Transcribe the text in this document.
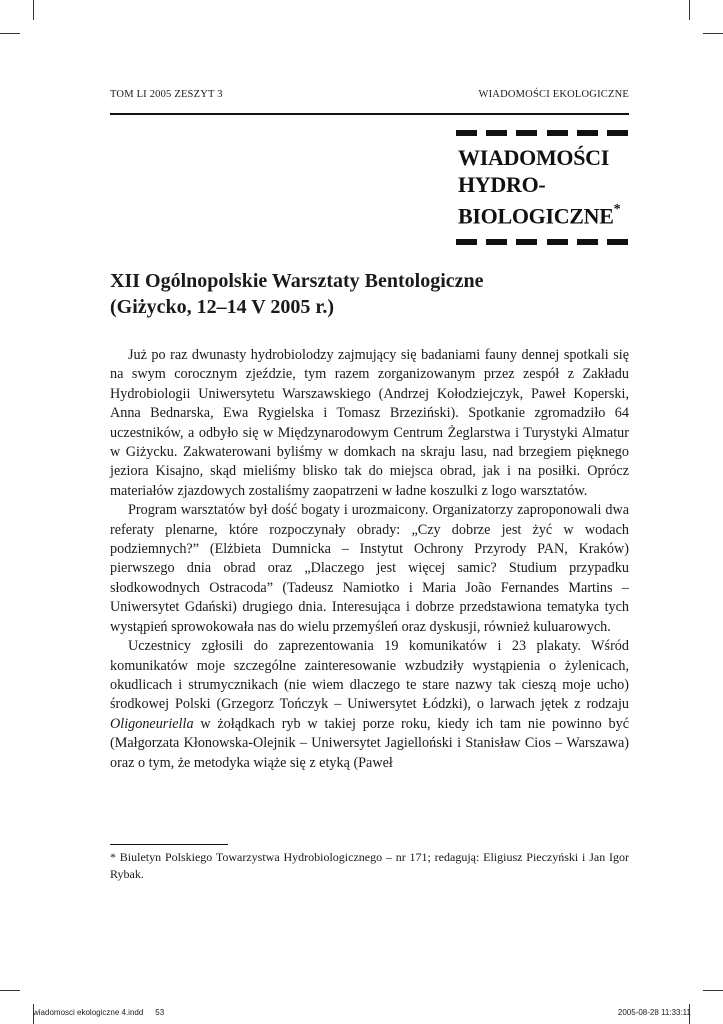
TOM LI 2005 ZESZYT 3	WIADOMOŚCI EKOLOGICZNE
WIADOMOŚCI
HYDRO-
BIOLOGICZNE*
XII Ogólnopolskie Warsztaty Bentologiczne
(Giżycko, 12–14 V 2005 r.)

Już po raz dwunasty hydrobiolodzy zajmujący się badaniami fauny dennej spotkali się na swym corocznym zjeździe, tym razem zorganizowanym przez zespół z Zakładu Hydrobiologii Uniwersytetu Warszawskiego (Andrzej Kołodziejczyk, Paweł Koperski, Anna Bednarska, Ewa Rygielska i Tomasz Brzeziński). Spotkanie zgromadziło 64 uczestników, a odbyło się w Międzynarodowym Centrum Żeglarstwa i Turystyki Almatur w Giżycku. Zakwaterowani byliśmy w domkach na skraju lasu, nad brzegiem pięknego jeziora Kisajno, skąd mieliśmy blisko tak do miejsca obrad, jak i na posiłki. Oprócz materiałów zjazdowych zostaliśmy zaopatrzeni w ładne koszulki z logo warsztatów.

Program warsztatów był dość bogaty i urozmaicony. Organizatorzy zaproponowali dwa referaty plenarne, które rozpoczynały obrady: „Czy dobrze jest żyć w wodach podziemnych?” (Elżbieta Dumnicka – Instytut Ochrony Przyrody PAN, Kraków) pierwszego dnia obrad oraz „Dlaczego jest więcej samic? Studium przypadku słodkowodnych Ostracoda” (Tadeusz Namiotko i Maria João Fernandes Martins – Uniwersytet Gdański) drugiego dnia. Interesująca i dobrze przedstawiona tematyka tych wystąpień sprowokowała nas do wielu przemyśleń oraz dyskusji, również kuluarowych.

Uczestnicy zgłosili do zaprezentowania 19 komunikatów i 23 plakaty. Wśród komunikatów moje szczególne zainteresowanie wzbudziły wystąpienia o żylenicach, okudlicach i strumycznikach (nie wiem dlaczego te stare nazwy tak cieszą moje ucho) środkowej Polski (Grzegorz Tończyk – Uniwersytet Łódzki), o larwach jętek z rodzaju Oligoneuriella w żołądkach ryb w takiej porze roku, kiedy ich tam nie powinno być (Małgorzata Kłonowska-Olejnik – Uniwersytet Jagielloński i Stanisław Cios – Warszawa) oraz o tym, że metodyka wiąże się z etyką (Paweł

* Biuletyn Polskiego Towarzystwa Hydrobiologicznego – nr 171; redagują: Eligiusz Pieczyński i Jan Igor Rybak.
wiadomosci ekologiczne 4.indd 53	2005-08-28 11:33:11
